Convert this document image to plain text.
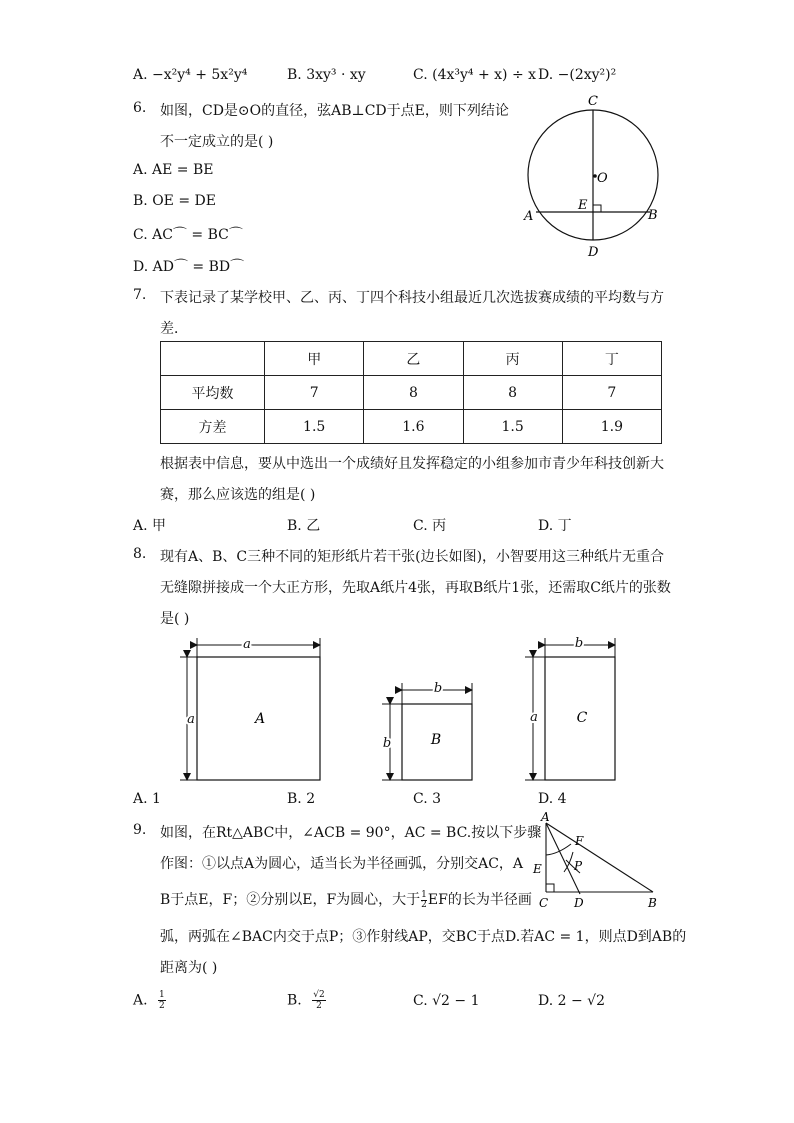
A. −x²y⁴ + 5x²y⁴	B. 3xy³ · xy	C. (4x³y⁴ + x) ÷ x D. −(2xy²)²
6. 如图，CD是⊙O的直径，弦AB⊥CD于点E，则下列结论
不一定成立的是( )
A. AE = BE
B. OE = DE
C. AC⌒ = BC⌒
D. AD⌒ = BD⌒
C
O
E
A	B
D
7. 下表记录了某学校甲、乙、丙、丁四个科技小组最近几次选拔赛成绩的平均数与方
差．
	甲	乙	丙	丁
平均数	7	8	8	7
方差	1.5	1.6	1.5	1.9
根据表中信息，要从中选出一个成绩好且发挥稳定的小组参加市青少年科技创新大
赛，那么应该选的组是( )
A. 甲	B. 乙	C. 丙	D. 丁
8. 现有A、B、C三种不同的矩形纸片若干张(边长如图)，小智要用这三种纸片无重合
无缝隙拼接成一个大正方形，先取A纸片4张，再取B纸片1张，还需取C纸片的张数
是( )
a
a	A
b
b	B
b
a	C
A. 1	B. 2	C. 3	D. 4
9. 如图，在Rt△ABC中，∠ACB = 90°，AC = BC.按以下步骤
作图：①以点A为圆心，适当长为半径画弧，分别交AC，A
B于点E，F；②分别以E，F为圆心，大于 $\frac{1}{2}$ EF的长为半径画
弧，两弧在∠BAC内交于点P；③作射线AP，交BC于点D.若AC = 1，则点D到AB的
距离为( )
A
F
P
E
C D	B
A. $\frac{1}{2}$	B. $\frac{√2}{2}$	C. √2 − 1	D. 2 − √2
